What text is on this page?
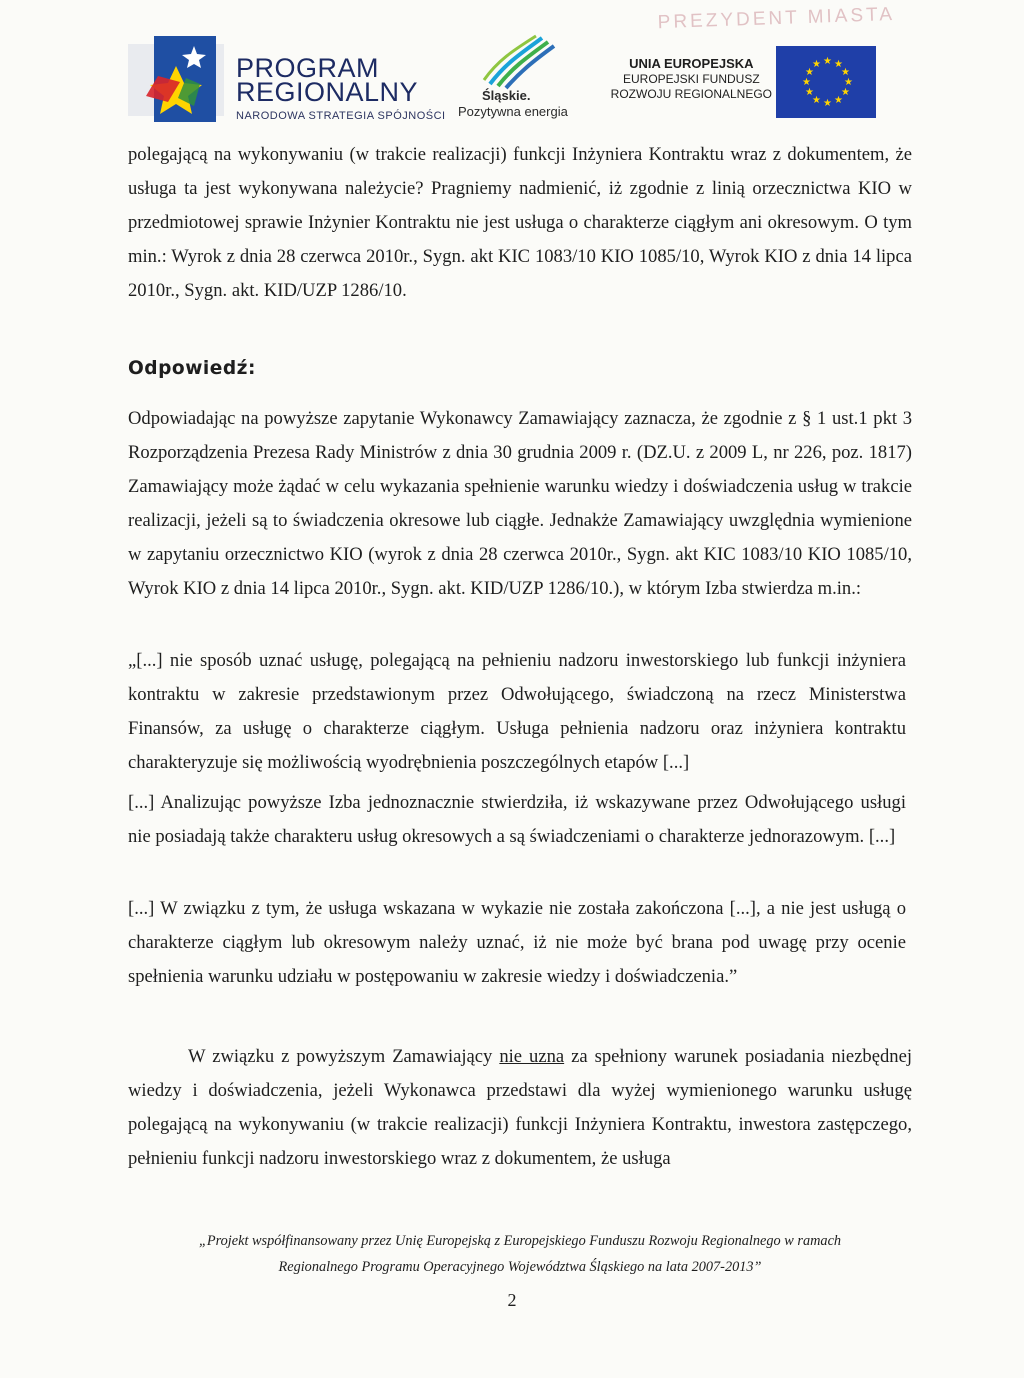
PREZYDENT MIASTA
PROGRAM
REGIONALNY
NARODOWA STRATEGIA SPÓJNOŚCI
Śląskie.
Pozytywna energia
UNIA EUROPEJSKA
EUROPEJSKI FUNDUSZ
ROZWOJU REGIONALNEGO
★ ★
★
★
★
★
★
★
★
★
★
★

polegającą na wykonywaniu (w trakcie realizacji) funkcji Inżyniera Kontraktu wraz z dokumentem, że usługa ta jest wykonywana należycie? Pragniemy nadmienić, iż zgodnie z linią orzecznictwa KIO w przedmiotowej sprawie Inżynier Kontraktu nie jest usługa o charakterze ciągłym ani okresowym. O tym min.: Wyrok z dnia 28 czerwca 2010r., Sygn. akt KIC 1083/10 KIO 1085/10, Wyrok KIO z dnia 14 lipca 2010r., Sygn. akt. KID/UZP 1286/10.

Odpowiedź:

Odpowiadając na powyższe zapytanie Wykonawcy Zamawiający zaznacza, że zgodnie z § 1 ust.1 pkt 3 Rozporządzenia Prezesa Rady Ministrów z dnia 30 grudnia 2009 r. (DZ.U. z 2009 L, nr 226, poz. 1817) Zamawiający może żądać w celu wykazania spełnienie warunku wiedzy i doświadczenia usług w trakcie realizacji, jeżeli są to świadczenia okresowe lub ciągłe. Jednakże Zamawiający uwzględnia wymienione w zapytaniu orzecznictwo KIO (wyrok z dnia 28 czerwca 2010r., Sygn. akt KIC 1083/10 KIO 1085/10, Wyrok KIO z dnia 14 lipca 2010r., Sygn. akt. KID/UZP 1286/10.), w którym Izba stwierdza m.in.:

„[...] nie sposób uznać usługę, polegającą na pełnieniu nadzoru inwestorskiego lub funkcji inżyniera kontraktu w zakresie przedstawionym przez Odwołującego, świadczoną na rzecz Ministerstwa Finansów, za usługę o charakterze ciągłym. Usługa pełnienia nadzoru oraz inżyniera kontraktu charakteryzuje się możliwością wyodrębnienia poszczególnych etapów [...]

[...] Analizując powyższe Izba jednoznacznie stwierdziła, iż wskazywane przez Odwołującego usługi nie posiadają także charakteru usług okresowych a są świadczeniami o charakterze jednorazowym. [...]

[...] W związku z tym, że usługa wskazana w wykazie nie została zakończona [...], a nie jest usługą o charakterze ciągłym lub okresowym należy uznać, iż nie może być brana pod uwagę przy ocenie spełnienia warunku udziału w postępowaniu w zakresie wiedzy i doświadczenia.”

W związku z powyższym Zamawiający nie uzna za spełniony warunek posiadania niezbędnej wiedzy i doświadczenia, jeżeli Wykonawca przedstawi dla wyżej wymienionego warunku usługę polegającą na wykonywaniu (w trakcie realizacji) funkcji Inżyniera Kontraktu, inwestora zastępczego, pełnieniu funkcji nadzoru inwestorskiego wraz z dokumentem, że usługa

„Projekt współfinansowany przez Unię Europejską z Europejskiego Funduszu Rozwoju Regionalnego w ramach
Regionalnego Programu Operacyjnego Województwa Śląskiego na lata 2007-2013”
2
